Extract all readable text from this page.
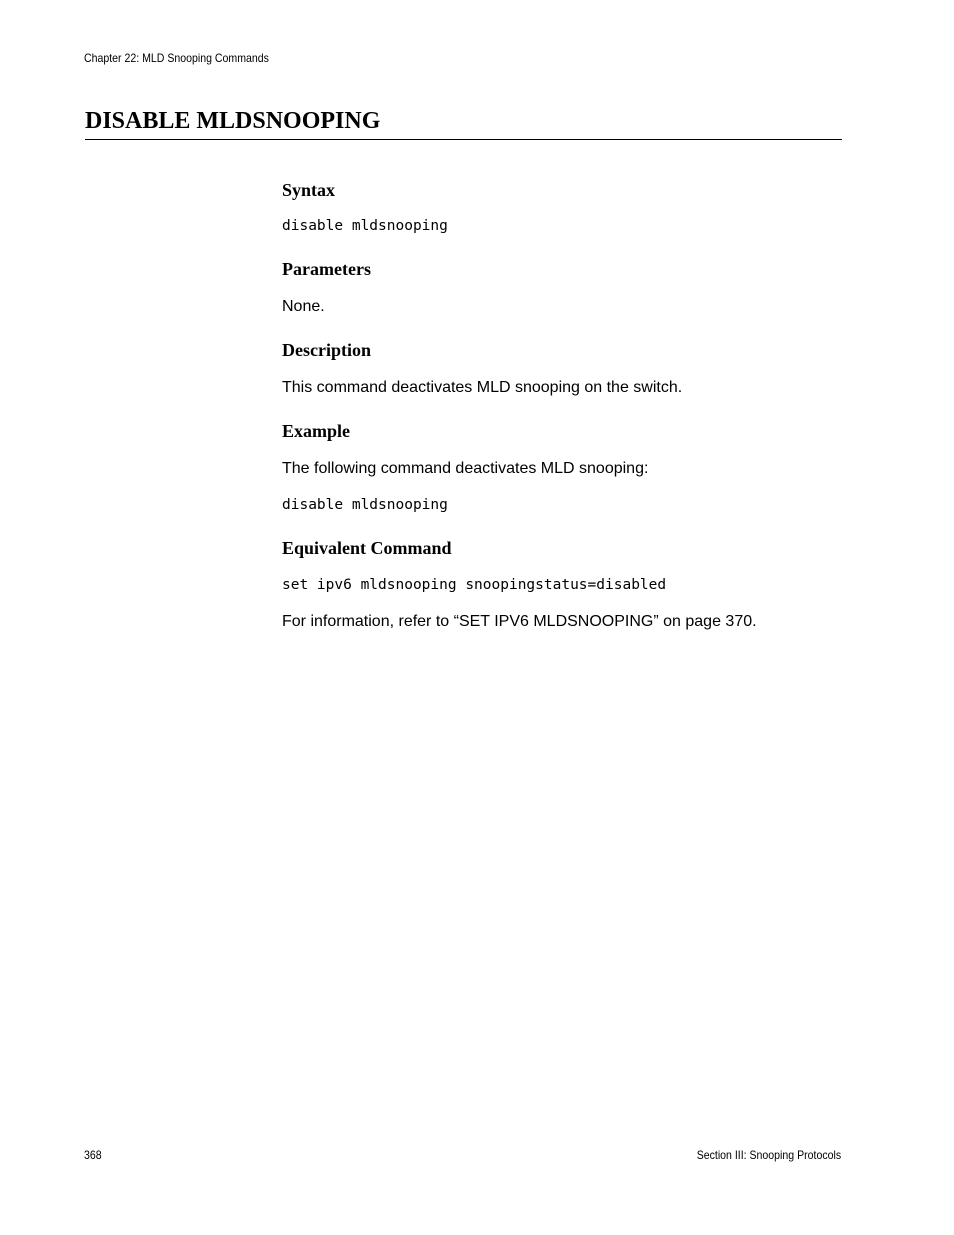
Chapter 22: MLD Snooping Commands
DISABLE MLDSNOOPING
Syntax
disable mldsnooping
Parameters

None.

Description

This command deactivates MLD snooping on the switch.

Example

The following command deactivates MLD snooping:

disable mldsnooping
Equivalent Command
set ipv6 mldsnooping snoopingstatus=disabled

For information, refer to “SET IPV6 MLDSNOOPING” on page 370.

368	Section III: Snooping Protocols
